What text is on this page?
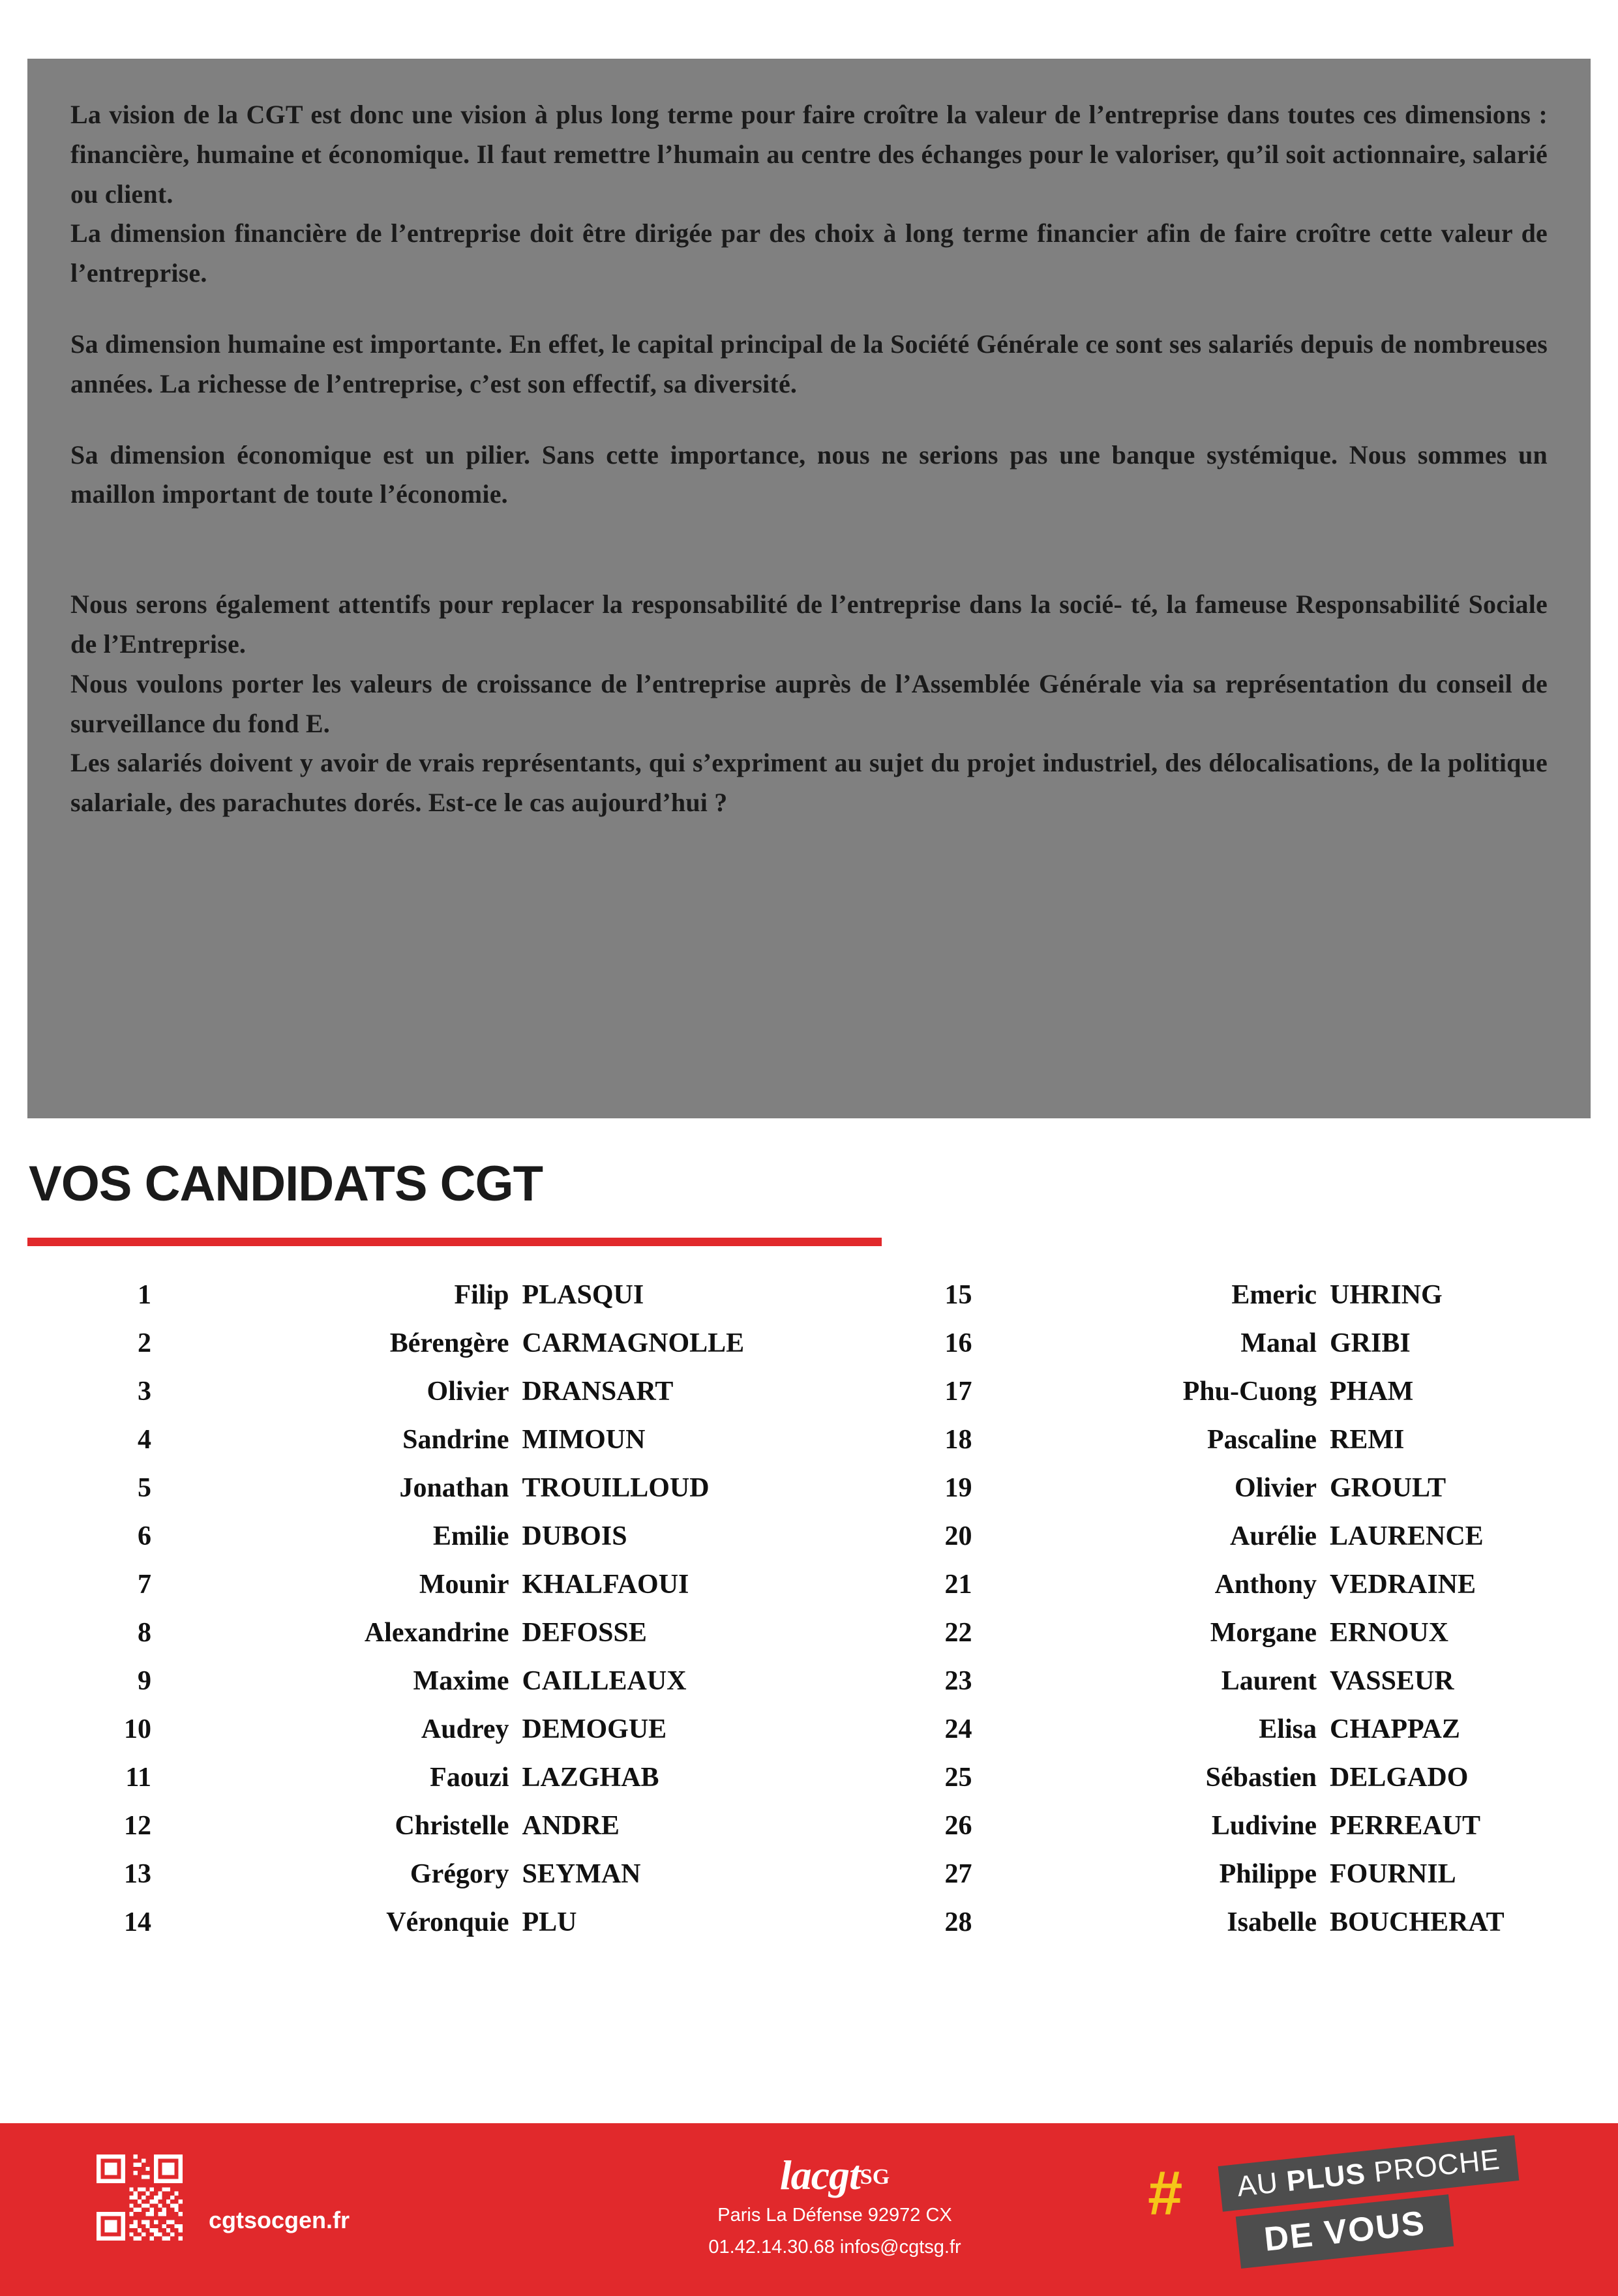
La vision de la CGT est donc une vision à plus long terme pour faire croître la valeur de l’entreprise dans toutes ces dimensions : financière, humaine et économique. Il faut remettre l’humain au centre des échanges pour le valoriser, qu’il soit actionnaire, salarié ou client.

La dimension financière de l’entreprise doit être dirigée par des choix à long terme financier afin de faire croître cette valeur de l’entreprise.

Sa dimension humaine est importante. En effet, le capital principal de la Société Générale ce sont ses salariés depuis de nombreuses années. La richesse de l’entreprise, c’est son effectif, sa diversité.

Sa dimension économique est un pilier. Sans cette importance, nous ne serions pas une banque systémique. Nous sommes un maillon important de toute l’économie.

Nous serons également attentifs pour replacer la responsabilité de l’entreprise dans la socié- té, la fameuse Responsabilité Sociale de l’Entreprise.

Nous voulons porter les valeurs de croissance de l’entreprise auprès de l’Assemblée Générale via sa représentation du conseil de surveillance du fond E.

Les salariés doivent y avoir de vrais représentants, qui s’expriment au sujet du projet industriel, des délocalisations, de la politique salariale, des parachutes dorés. Est-ce le cas aujourd’hui ?

VOS CANDIDATS CGT
1	Filip PLASQUI
2	Bérengère CARMAGNOLLE
3	Olivier DRANSART
4	Sandrine MIMOUN
5	Jonathan TROUILLOUD
6	Emilie DUBOIS
7	Mounir KHALFAOUI
8	Alexandrine DEFOSSE
9	Maxime CAILLEAUX
10	Audrey DEMOGUE
11	Faouzi LAZGHAB
12	Christelle ANDRE
13	Grégory SEYMAN
14	Véronquie PLU
15	Emeric UHRING
16	Manal GRIBI
17	Phu-Cuong PHAM
18	Pascaline REMI
19	Olivier GROULT
20	Aurélie LAURENCE
21	Anthony VEDRAINE
22	Morgane ERNOUX
23	Laurent VASSEUR
24	Elisa CHAPPAZ
25	Sébastien DELGADO
26	Ludivine PERREAUT
27	Philippe FOURNIL
28	Isabelle BOUCHERAT
cgtsocgen.fr
lacgtSG
Paris La Défense 92972 CX
01.42.14.30.68 infos@cgtsg.fr
#	AU PLUS PROCHE
DE VOUS
